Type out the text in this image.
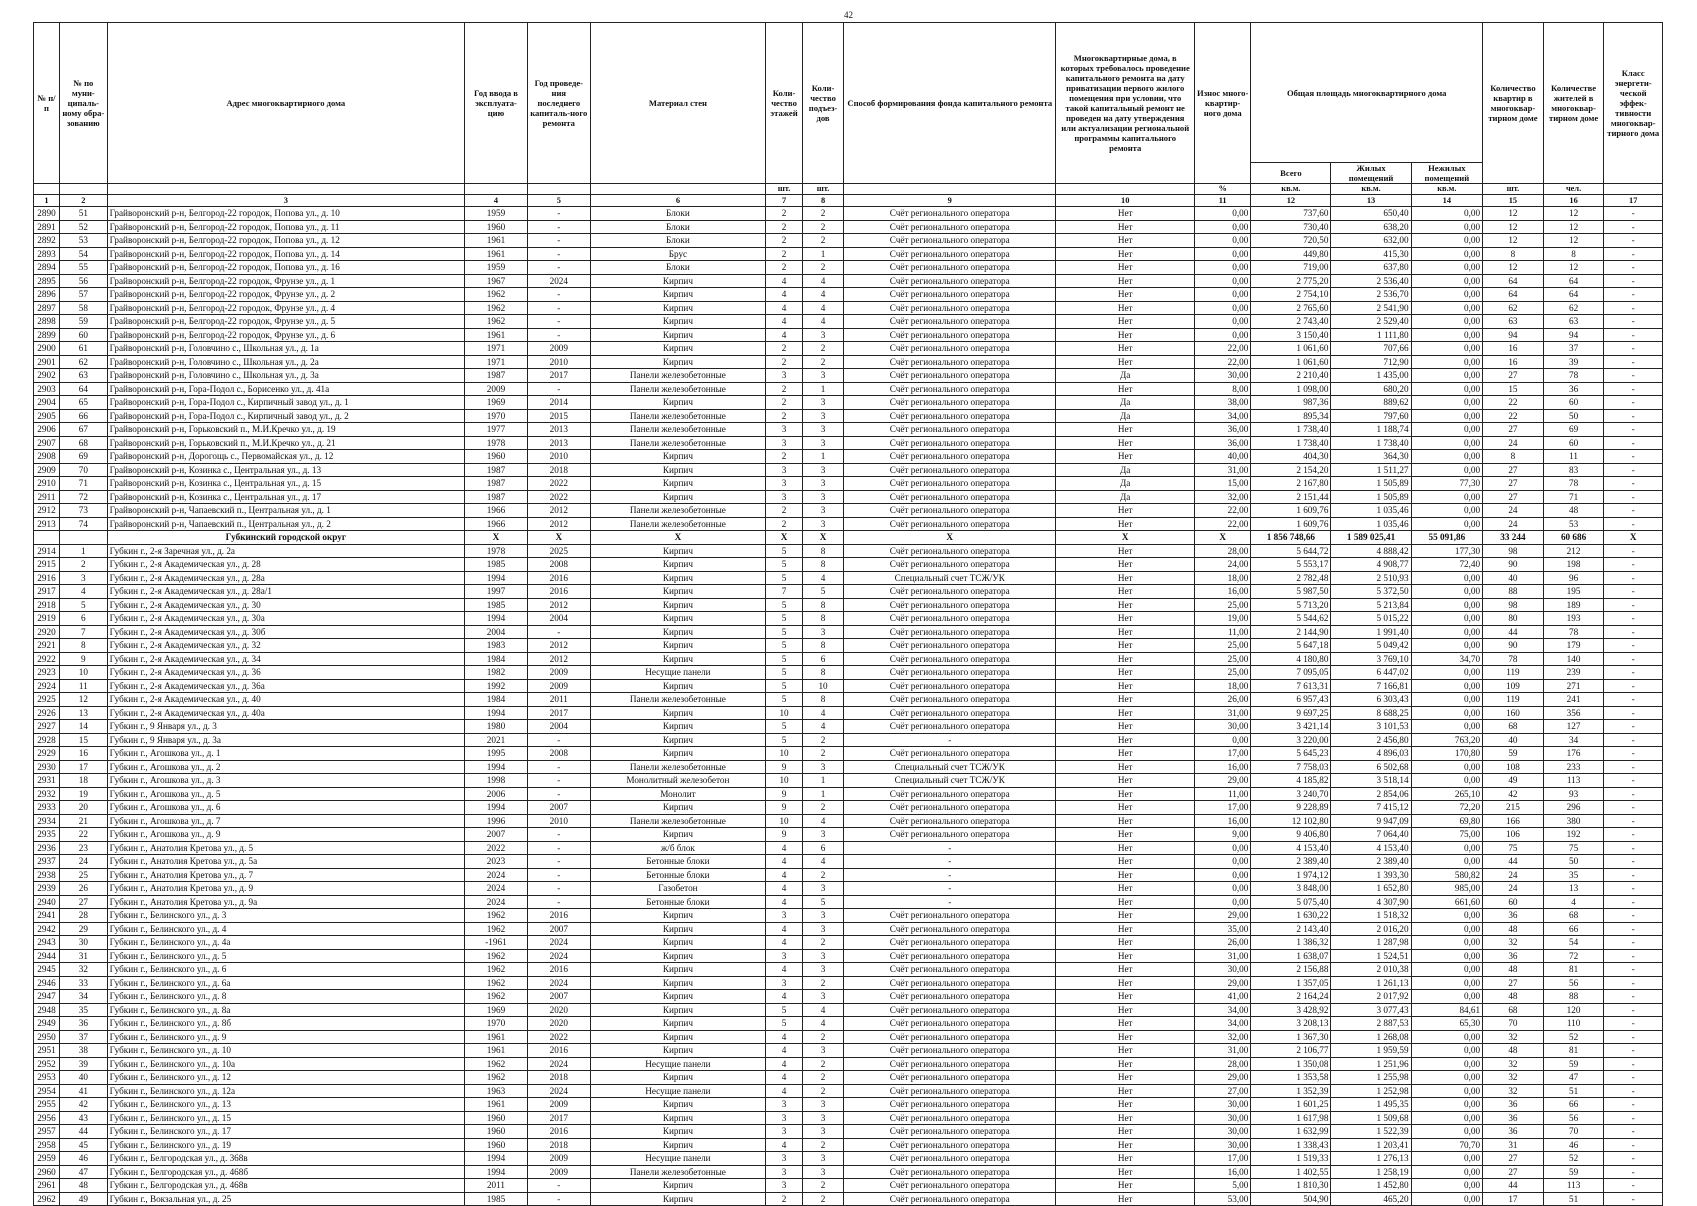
42
№ п/п	№ по муни-ципаль-ному обра-зованию	Адрес многоквартирного дома	Год ввода в эксплуата-цию	Год проведе-ния последнего капиталь-ного ремонта	Материал стен	Коли-чество этажей	Коли-чество подъез-дов	Способ формирования фонда капитального ремонта	Многоквартирные дома, в которых требовалось проведение капитального ремонта на дату приватизации первого жилого помещения при условии, что такой капитальный ремонт не проведен на дату утверждения или актуализации региональной программы капитального ремонта	Износ много-квартир-ного дома	Общая площадь многоквартирного дома			Количество квартир в многоквар-тирном доме	Количестве жителей в многоквар-тирном доме	Класс энергети-ческой эффек-тивности многоквар-тирного дома
											Всего	Жилых помещений	Нежилых помещений			
						шт.	шт.			%	кв.м.	кв.м.	кв.м.	шт.	чел.	
1	2	3	4	5	6	7	8	9	10	11	12	13	14	15	16	17
2890	51	Грайворонский р-н, Белгород-22 городок, Попова ул., д. 10	1959	-	Блоки	2	2	Счёт регионального оператора	Нет	0,00	737,60	650,40	0,00	12	12	-
2891	52	Грайворонский р-н, Белгород-22 городок, Попова ул., д. 11	1960	-	Блоки	2	2	Счёт регионального оператора	Нет	0,00	730,40	638,20	0,00	12	12	-
2892	53	Грайворонский р-н, Белгород-22 городок, Попова ул., д. 12	1961	-	Блоки	2	2	Счёт регионального оператора	Нет	0,00	720,50	632,00	0,00	12	12	-
2893	54	Грайворонский р-н, Белгород-22 городок, Попова ул., д. 14	1961	-	Брус	2	1	Счёт регионального оператора	Нет	0,00	449,80	415,30	0,00	8	8	-
2894	55	Грайворонский р-н, Белгород-22 городок, Попова ул., д. 16	1959	-	Блоки	2	2	Счёт регионального оператора	Нет	0,00	719,00	637,80	0,00	12	12	-
2895	56	Грайворонский р-н, Белгород-22 городок, Фрунзе ул., д. 1	1967	2024	Кирпич	4	4	Счёт регионального оператора	Нет	0,00	2 775,20	2 536,40	0,00	64	64	-
2896	57	Грайворонский р-н, Белгород-22 городок, Фрунзе ул., д. 2	1962	-	Кирпич	4	4	Счёт регионального оператора	Нет	0,00	2 754,10	2 536,70	0,00	64	64	-
2897	58	Грайворонский р-н, Белгород-22 городок, Фрунзе ул., д. 4	1962	-	Кирпич	4	4	Счёт регионального оператора	Нет	0,00	2 765,60	2 541,90	0,00	62	62	-
2898	59	Грайворонский р-н, Белгород-22 городок, Фрунзе ул., д. 5	1962	-	Кирпич	4	4	Счёт регионального оператора	Нет	0,00	2 743,40	2 529,40	0,00	63	63	-
2899	60	Грайворонский р-н, Белгород-22 городок, Фрунзе ул., д. 6	1961	-	Кирпич	4	3	Счёт регионального оператора	Нет	0,00	3 150,40	1 111,80	0,00	94	94	-
2900	61	Грайворонский р-н, Головчино с., Школьная ул., д. 1а	1971	2009	Кирпич	2	2	Счёт регионального оператора	Нет	22,00	1 061,60	707,66	0,00	16	37	-
2901	62	Грайворонский р-н, Головчино с., Школьная ул., д. 2а	1971	2010	Кирпич	2	2	Счёт регионального оператора	Нет	22,00	1 061,60	712,90	0,00	16	39	-
2902	63	Грайворонский р-н, Головчино с., Школьная ул., д. 3а	1987	2017	Панели железобетонные	3	3	Счёт регионального оператора	Да	30,00	2 210,40	1 435,00	0,00	27	78	-
2903	64	Грайворонский р-н, Гора-Подол с., Борисенко ул., д. 41а	2009	-	Панели железобетонные	2	1	Счёт регионального оператора	Нет	8,00	1 098,00	680,20	0,00	15	36	-
2904	65	Грайворонский р-н, Гора-Подол с., Кирпичный завод ул., д. 1	1969	2014	Кирпич	2	3	Счёт регионального оператора	Да	38,00	987,36	889,62	0,00	22	60	-
2905	66	Грайворонский р-н, Гора-Подол с., Кирпичный завод ул., д. 2	1970	2015	Панели железобетонные	2	3	Счёт регионального оператора	Да	34,00	895,34	797,60	0,00	22	50	-
2906	67	Грайворонский р-н, Горьковский п., М.И.Кречко ул., д. 19	1977	2013	Панели железобетонные	3	3	Счёт регионального оператора	Нет	36,00	1 738,40	1 188,74	0,00	27	69	-
2907	68	Грайворонский р-н, Горьковский п., М.И.Кречко ул., д. 21	1978	2013	Панели железобетонные	3	3	Счёт регионального оператора	Нет	36,00	1 738,40	1 738,40	0,00	24	60	-
2908	69	Грайворонский р-н, Дорогощь с., Первомайская ул., д. 12	1960	2010	Кирпич	2	1	Счёт регионального оператора	Нет	40,00	404,30	364,30	0,00	8	11	-
2909	70	Грайворонский р-н, Козинка с., Центральная ул., д. 13	1987	2018	Кирпич	3	3	Счёт регионального оператора	Да	31,00	2 154,20	1 511,27	0,00	27	83	-
2910	71	Грайворонский р-н, Козинка с., Центральная ул., д. 15	1987	2022	Кирпич	3	3	Счёт регионального оператора	Да	15,00	2 167,80	1 505,89	77,30	27	78	-
2911	72	Грайворонский р-н, Козинка с., Центральная ул., д. 17	1987	2022	Кирпич	3	3	Счёт регионального оператора	Да	32,00	2 151,44	1 505,89	0,00	27	71	-
2912	73	Грайворонский р-н, Чапаевский п., Центральная ул., д. 1	1966	2012	Панели железобетонные	2	3	Счёт регионального оператора	Нет	22,00	1 609,76	1 035,46	0,00	24	48	-
2913	74	Грайворонский р-н, Чапаевский п., Центральная ул., д. 2	1966	2012	Панели железобетонные	2	3	Счёт регионального оператора	Нет	22,00	1 609,76	1 035,46	0,00	24	53	-
		Губкинский городской округ	X	X	X	X	X	X	X	X	1 856 748,66	1 589 025,41	55 091,86	33 244	60 686	X
2914	1	Губкин г., 2-я Заречная ул., д. 2а	1978	2025	Кирпич	5	8	Счёт регионального оператора	Нет	28,00	5 644,72	4 888,42	177,30	98	212	-
2915	2	Губкин г., 2-я Академическая ул., д. 28	1985	2008	Кирпич	5	8	Счёт регионального оператора	Нет	24,00	5 553,17	4 908,77	72,40	90	198	-
2916	3	Губкин г., 2-я Академическая ул., д. 28а	1994	2016	Кирпич	5	4	Специальный счет ТСЖ/УК	Нет	18,00	2 782,48	2 510,93	0,00	40	96	-
2917	4	Губкин г., 2-я Академическая ул., д. 28а/1	1997	2016	Кирпич	7	5	Счёт регионального оператора	Нет	16,00	5 987,50	5 372,50	0,00	88	195	-
2918	5	Губкин г., 2-я Академическая ул., д. 30	1985	2012	Кирпич	5	8	Счёт регионального оператора	Нет	25,00	5 713,20	5 213,84	0,00	98	189	-
2919	6	Губкин г., 2-я Академическая ул., д. 30а	1994	2004	Кирпич	5	8	Счёт регионального оператора	Нет	19,00	5 544,62	5 015,22	0,00	80	193	-
2920	7	Губкин г., 2-я Академическая ул., д. 30б	2004	-	Кирпич	5	3	Счёт регионального оператора	Нет	11,00	2 144,90	1 991,40	0,00	44	78	-
2921	8	Губкин г., 2-я Академическая ул., д. 32	1983	2012	Кирпич	5	8	Счёт регионального оператора	Нет	25,00	5 647,18	5 049,42	0,00	90	179	-
2922	9	Губкин г., 2-я Академическая ул., д. 34	1984	2012	Кирпич	5	6	Счёт регионального оператора	Нет	25,00	4 180,80	3 769,10	34,70	78	140	-
2923	10	Губкин г., 2-я Академическая ул., д. 36	1982	2009	Несущие панели	5	8	Счёт регионального оператора	Нет	25,00	7 095,05	6 447,02	0,00	119	239	-
2924	11	Губкин г., 2-я Академическая ул., д. 36а	1992	2009	Кирпич	5	10	Счёт регионального оператора	Нет	18,00	7 613,31	7 166,81	0,00	109	271	-
2925	12	Губкин г., 2-я Академическая ул., д. 40	1984	2011	Панели железобетонные	5	8	Счёт регионального оператора	Нет	26,00	6 957,43	6 303,43	0,00	119	241	-
2926	13	Губкин г., 2-я Академическая ул., д. 40а	1994	2017	Кирпич	10	4	Счёт регионального оператора	Нет	31,00	9 697,25	8 688,25	0,00	160	356	-
2927	14	Губкин г., 9 Января ул., д. 3	1980	2004	Кирпич	5	4	Счёт регионального оператора	Нет	30,00	3 421,14	3 101,53	0,00	68	127	-
2928	15	Губкин г., 9 Января ул., д. 3а	2021	-	Кирпич	5	2	-	Нет	0,00	3 220,00	2 456,80	763,20	40	34	-
2929	16	Губкин г., Агошкова ул., д. 1	1995	2008	Кирпич	10	2	Счёт регионального оператора	Нет	17,00	5 645,23	4 896,03	170,80	59	176	-
2930	17	Губкин г., Агошкова ул., д. 2	1994	-	Панели железобетонные	9	3	Специальный счет ТСЖ/УК	Нет	16,00	7 758,03	6 502,68	0,00	108	233	-
2931	18	Губкин г., Агошкова ул., д. 3	1998	-	Монолитный железобетон	10	1	Специальный счет ТСЖ/УК	Нет	29,00	4 185,82	3 518,14	0,00	49	113	-
2932	19	Губкин г., Агошкова ул., д. 5	2006	-	Монолит	9	1	Счёт регионального оператора	Нет	11,00	3 240,70	2 854,06	265,10	42	93	-
2933	20	Губкин г., Агошкова ул., д. 6	1994	2007	Кирпич	9	2	Счёт регионального оператора	Нет	17,00	9 228,89	7 415,12	72,20	215	296	-
2934	21	Губкин г., Агошкова ул., д. 7	1996	2010	Панели железобетонные	10	4	Счёт регионального оператора	Нет	16,00	12 102,80	9 947,09	69,80	166	380	-
2935	22	Губкин г., Агошкова ул., д. 9	2007	-	Кирпич	9	3	Счёт регионального оператора	Нет	9,00	9 406,80	7 064,40	75,00	106	192	-
2936	23	Губкин г., Анатолия Кретова ул., д. 5	2022	-	ж/б блок	4	6	-	Нет	0,00	4 153,40	4 153,40	0,00	75	75	-
2937	24	Губкин г., Анатолия Кретова ул., д. 5а	2023	-	Бетонные блоки	4	4	-	Нет	0,00	2 389,40	2 389,40	0,00	44	50	-
2938	25	Губкин г., Анатолия Кретова ул., д. 7	2024	-	Бетонные блоки	4	2	-	Нет	0,00	1 974,12	1 393,30	580,82	24	35	-
2939	26	Губкин г., Анатолия Кретова ул., д. 9	2024	-	Газобетон	4	3	-	Нет	0,00	3 848,00	1 652,80	985,00	24	13	-
2940	27	Губкин г., Анатолия Кретова ул., д. 9а	2024	-	Бетонные блоки	4	5	-	Нет	0,00	5 075,40	4 307,90	661,60	60	4	-
2941	28	Губкин г., Белинского ул., д. 3	1962	2016	Кирпич	3	3	Счёт регионального оператора	Нет	29,00	1 630,22	1 518,32	0,00	36	68	-
2942	29	Губкин г., Белинского ул., д. 4	1962	2007	Кирпич	4	3	Счёт регионального оператора	Нет	35,00	2 143,40	2 016,20	0,00	48	66	-
2943	30	Губкин г., Белинского ул., д. 4а	-1961	2024	Кирпич	4	2	Счёт регионального оператора	Нет	26,00	1 386,32	1 287,98	0,00	32	54	-
2944	31	Губкин г., Белинского ул., д. 5	1962	2024	Кирпич	3	3	Счёт регионального оператора	Нет	31,00	1 638,07	1 524,51	0,00	36	72	-
2945	32	Губкин г., Белинского ул., д. 6	1962	2016	Кирпич	4	3	Счёт регионального оператора	Нет	30,00	2 156,88	2 010,38	0,00	48	81	-
2946	33	Губкин г., Белинского ул., д. 6а	1962	2024	Кирпич	3	2	Счёт регионального оператора	Нет	29,00	1 357,05	1 261,13	0,00	27	56	-
2947	34	Губкин г., Белинского ул., д. 8	1962	2007	Кирпич	4	3	Счёт регионального оператора	Нет	41,00	2 164,24	2 017,92	0,00	48	88	-
2948	35	Губкин г., Белинского ул., д. 8а	1969	2020	Кирпич	5	4	Счёт регионального оператора	Нет	34,00	3 428,92	3 077,43	84,61	68	120	-
2949	36	Губкин г., Белинского ул., д. 8б	1970	2020	Кирпич	5	4	Счёт регионального оператора	Нет	34,00	3 208,13	2 887,53	65,30	70	110	-
2950	37	Губкин г., Белинского ул., д. 9	1961	2022	Кирпич	4	2	Счёт регионального оператора	Нет	32,00	1 367,30	1 268,08	0,00	32	52	-
2951	38	Губкин г., Белинского ул., д. 10	1961	2016	Кирпич	4	3	Счёт регионального оператора	Нет	31,00	2 106,77	1 959,59	0,00	48	81	-
2952	39	Губкин г., Белинского ул., д. 10а	1962	2024	Несущие панели	4	2	Счёт регионального оператора	Нет	28,00	1 350,08	1 251,96	0,00	32	59	-
2953	40	Губкин г., Белинского ул., д. 12	1962	2018	Кирпич	4	2	Счёт регионального оператора	Нет	29,00	1 353,58	1 255,98	0,00	32	47	-
2954	41	Губкин г., Белинского ул., д. 12а	1963	2024	Несущие панели	4	2	Счёт регионального оператора	Нет	27,00	1 352,39	1 252,98	0,00	32	51	-
2955	42	Губкин г., Белинского ул., д. 13	1961	2009	Кирпич	3	3	Счёт регионального оператора	Нет	30,00	1 601,25	1 495,35	0,00	36	66	-
2956	43	Губкин г., Белинского ул., д. 15	1960	2017	Кирпич	3	3	Счёт регионального оператора	Нет	30,00	1 617,98	1 509,68	0,00	36	56	-
2957	44	Губкин г., Белинского ул., д. 17	1960	2016	Кирпич	3	3	Счёт регионального оператора	Нет	30,00	1 632,99	1 522,39	0,00	36	70	-
2958	45	Губкин г., Белинского ул., д. 19	1960	2018	Кирпич	4	2	Счёт регионального оператора	Нет	30,00	1 338,43	1 203,41	70,70	31	46	-
2959	46	Губкин г., Белгородская ул., д. 368в	1994	2009	Несущие панели	3	3	Счёт регионального оператора	Нет	17,00	1 519,33	1 276,13	0,00	27	52	-
2960	47	Губкин г., Белгородская ул., д. 468б	1994	2009	Панели железобетонные	3	3	Счёт регионального оператора	Нет	16,00	1 402,55	1 258,19	0,00	27	59	-
2961	48	Губкин г., Белгородская ул., д. 468в	2011	-	Кирпич	3	2	Счёт регионального оператора	Нет	5,00	1 810,30	1 452,80	0,00	44	113	-
2962	49	Губкин г., Вокзальная ул., д. 25	1985	-	Кирпич	2	2	Счёт регионального оператора	Нет	53,00	504,90	465,20	0,00	17	51	-
